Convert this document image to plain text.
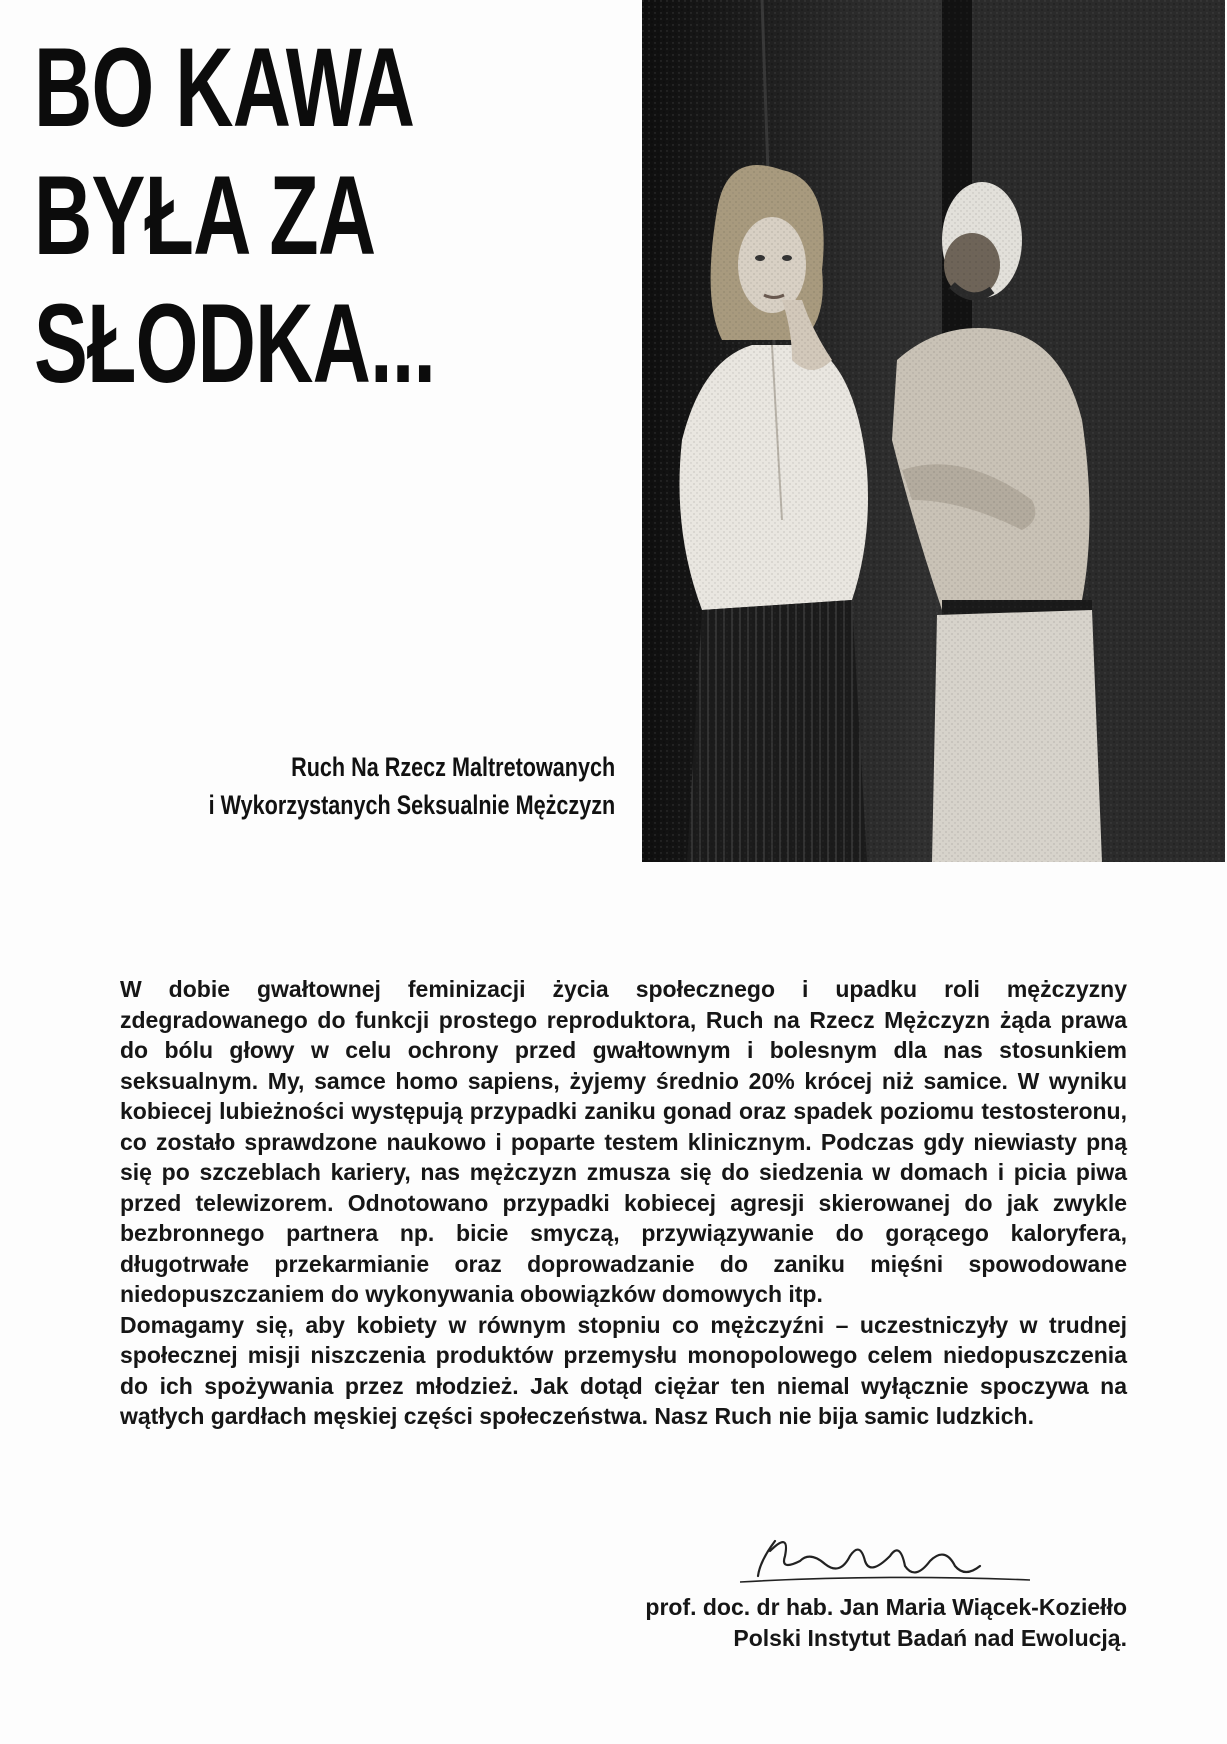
BO KAWA
BYŁA ZA
SŁODKA...
Ruch Na Rzecz Maltretowanych
i Wykorzystanych Seksualnie Mężczyzn

W dobie gwałtownej feminizacji życia społecznego i upadku roli mężczyzny zdegradowanego do funkcji prostego reproduktora, Ruch na Rzecz Mężczyzn żąda prawa do bólu głowy w celu ochrony przed gwałtownym i bolesnym dla nas stosunkiem seksualnym. My, samce homo sapiens, żyjemy średnio 20% krócej niż samice. W wyniku kobiecej lubieżności występują przypadki zaniku gonad oraz spadek poziomu testosteronu, co zostało sprawdzone naukowo i poparte testem klinicznym. Podczas gdy niewiasty pną się po szczeblach kariery, nas mężczyzn zmusza się do siedzenia w domach i picia piwa przed telewizorem. Odnotowano przypadki kobiecej agresji skierowanej do jak zwykle bezbronnego partnera np. bicie smyczą, przywiązywanie do gorącego kaloryfera, długotrwałe przekarmianie oraz doprowadzanie do zaniku mięśni spowodowane niedopuszczaniem do wykonywania obowiązków domowych itp.

Domagamy się, aby kobiety w równym stopniu co mężczyźni – uczestniczyły w trudnej społecznej misji niszczenia produktów przemysłu monopolowego celem niedopuszczenia do ich spożywania przez młodzież. Jak dotąd ciężar ten niemal wyłącznie spoczywa na wątłych gardłach męskiej części społeczeństwa. Nasz Ruch nie bija samic ludzkich.

prof. doc. dr hab. Jan Maria Wiącek-Koziełło
Polski Instytut Badań nad Ewolucją.
